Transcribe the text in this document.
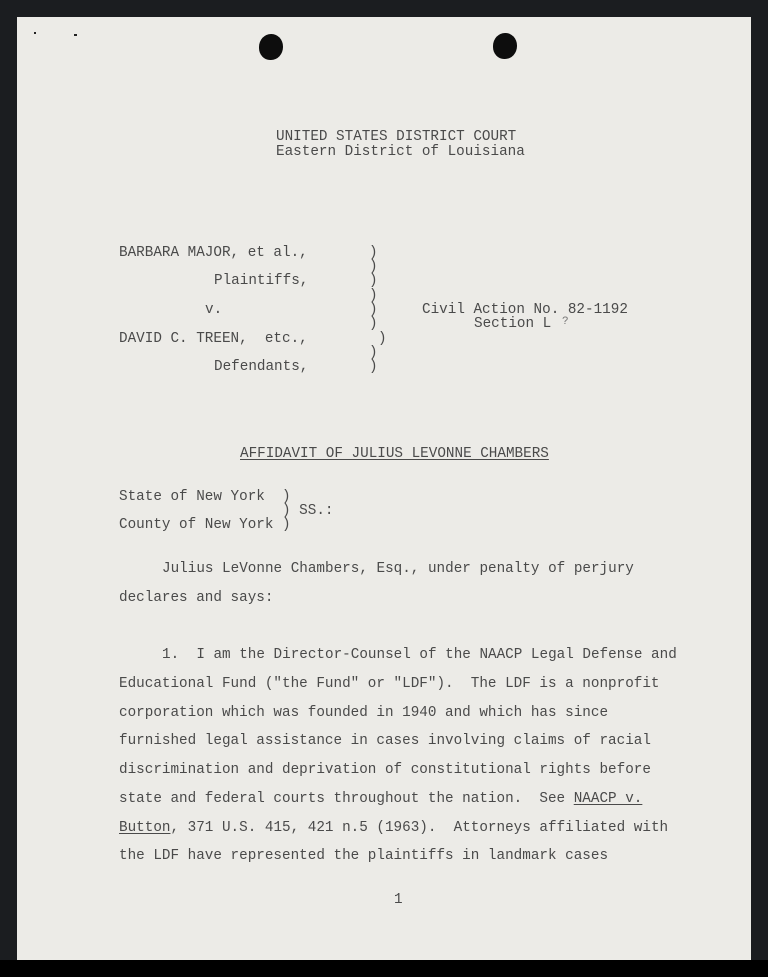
UNITED STATES DISTRICT COURT
Eastern District of Louisiana
BARBARA MAJOR, et al.,
Plaintiffs,
v.
DAVID C. TREEN,  etc.,
Defendants,
)
)
)
)
)
)
)
)
)
Civil Action No. 82-1192
Section L ?
AFFIDAVIT OF JULIUS LEVONNE CHAMBERS
State of New York  )
) SS.:
County of New York )
Julius LeVonne Chambers, Esq., under penalty of perjury
declares and says:
1.  I am the Director-Counsel of the NAACP Legal Defense and
Educational Fund ("the Fund" or "LDF").  The LDF is a nonprofit
corporation which was founded in 1940 and which has since
furnished legal assistance in cases involving claims of racial
discrimination and deprivation of constitutional rights before
state and federal courts throughout the nation.  See NAACP v.
Button, 371 U.S. 415, 421 n.5 (1963).  Attorneys affiliated with
the LDF have represented the plaintiffs in landmark cases
1
